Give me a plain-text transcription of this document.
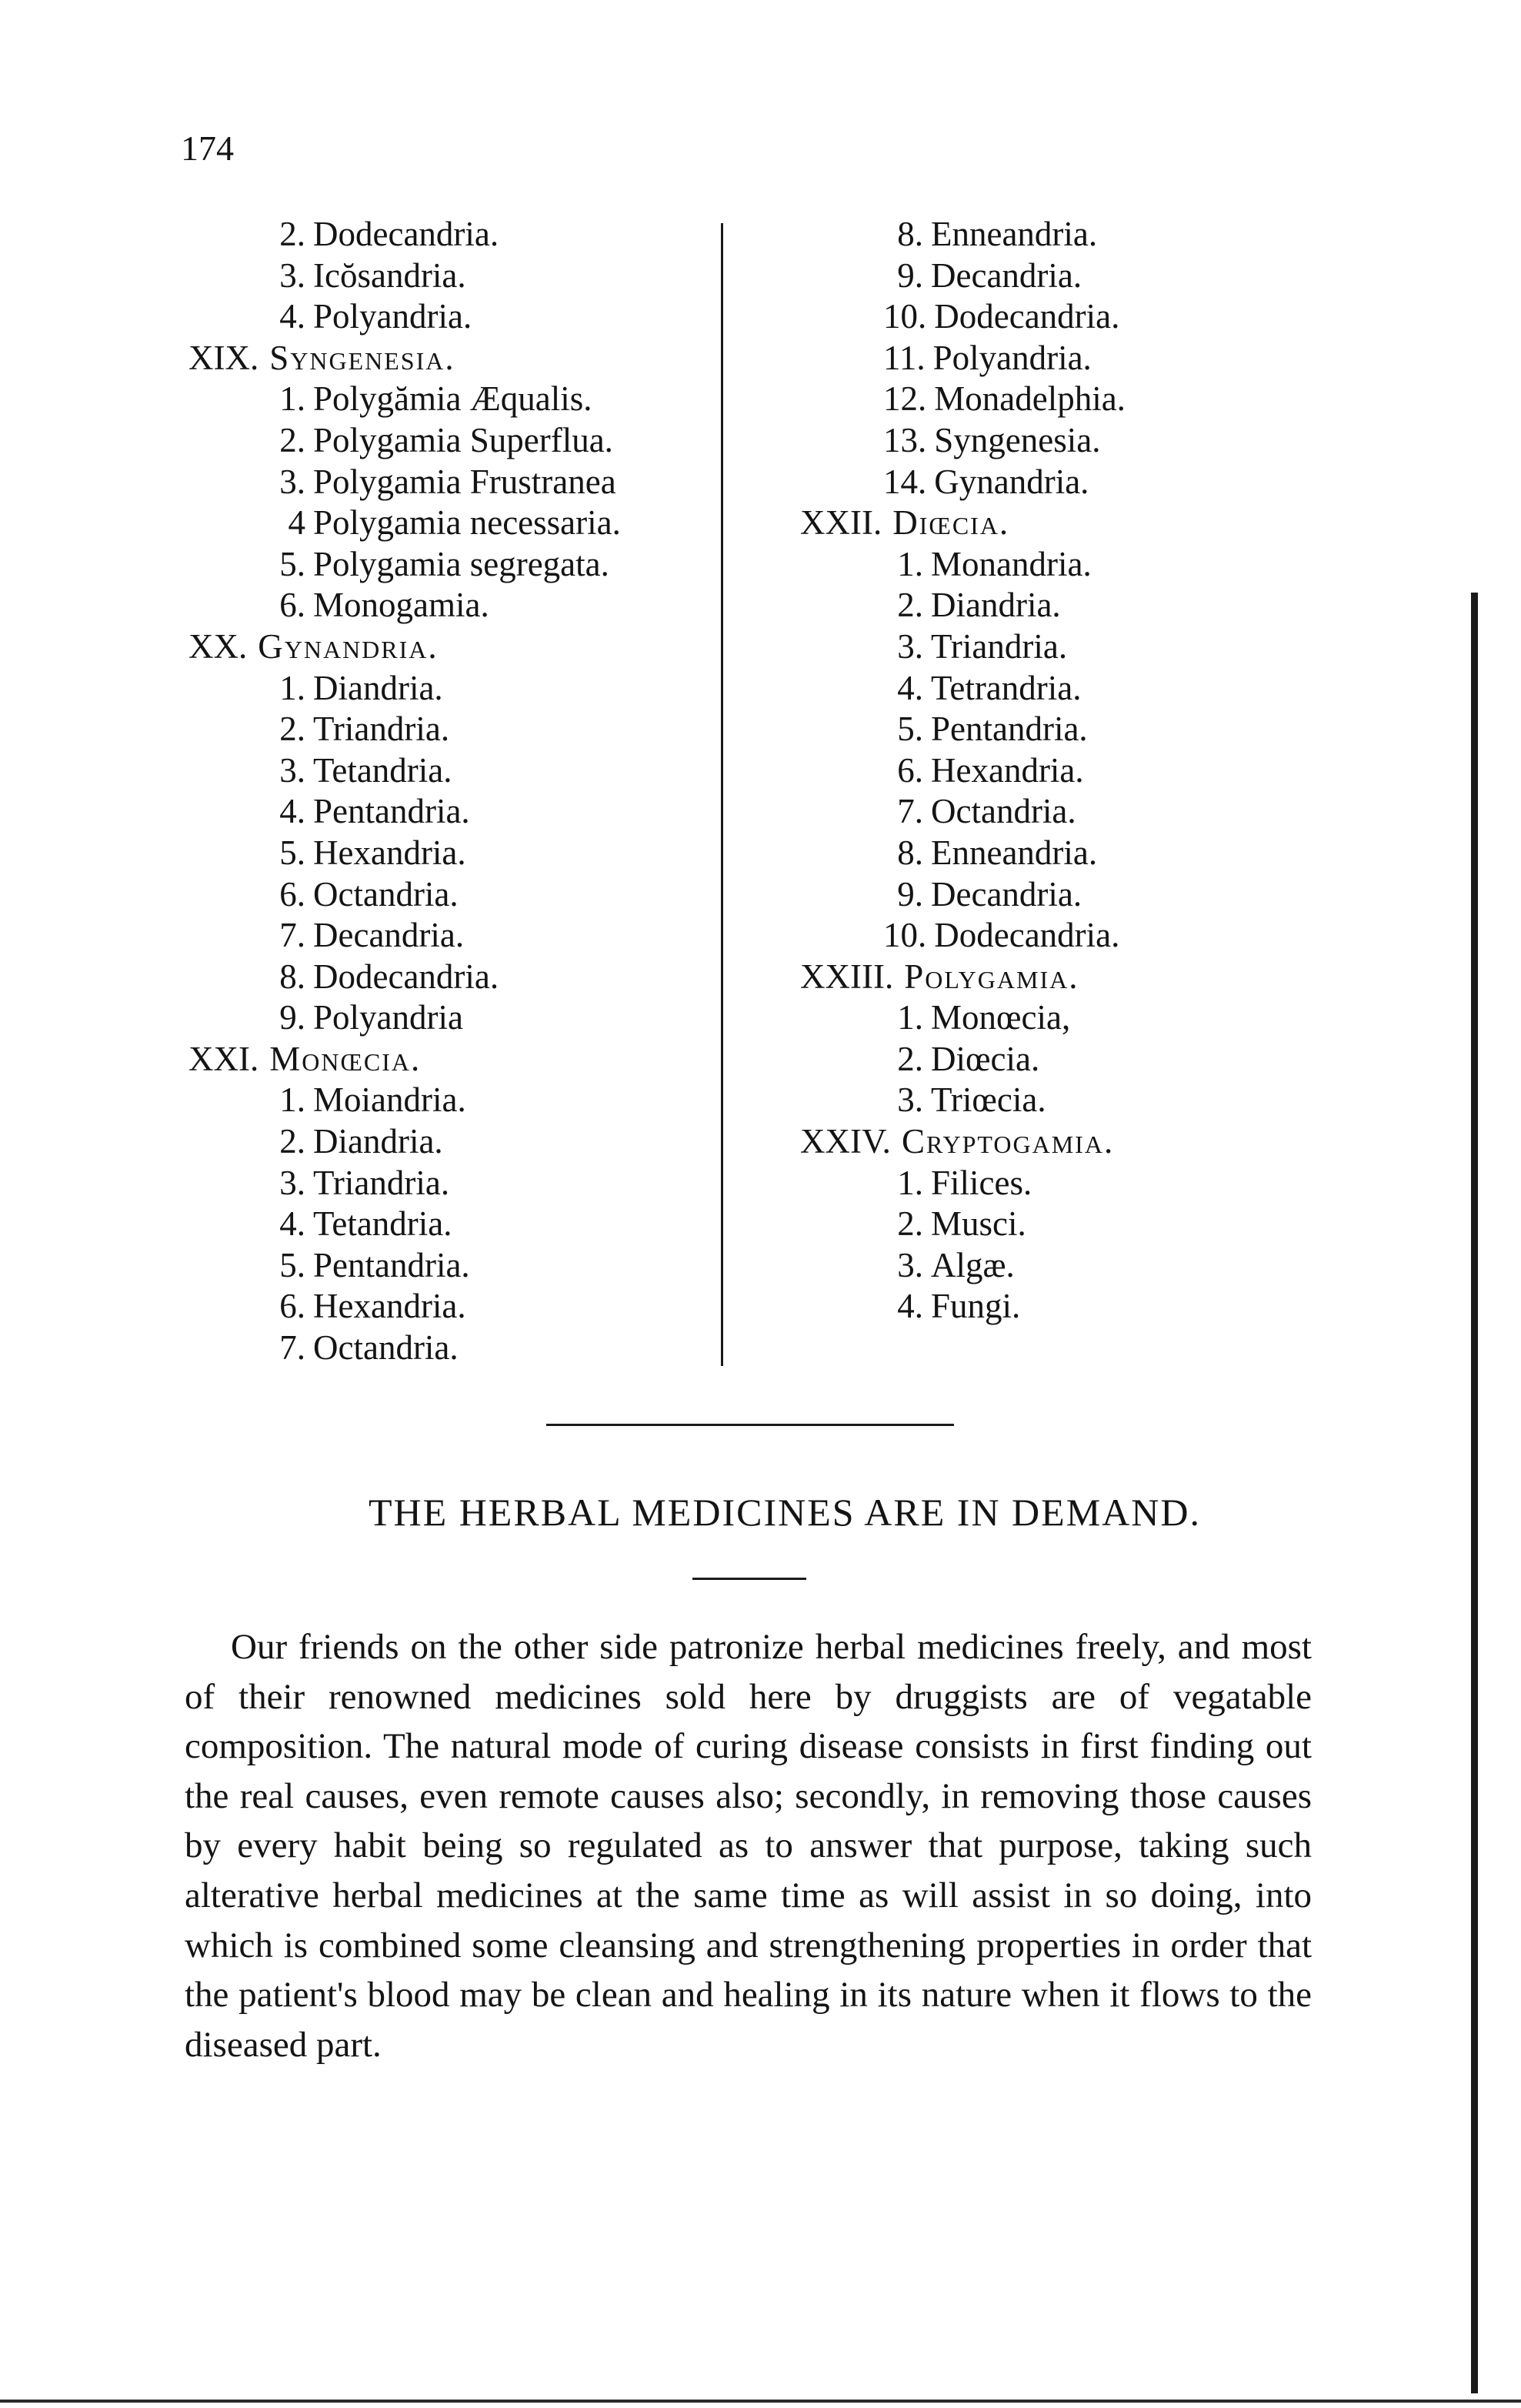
174
2. Dodecandria.
3. Icŏsandria.
4. Polyandria.
XIX. Syngenesia.
1. Polygămia Æqualis.
2. Polygamia Superflua.
3. Polygamia Frustranea
4 Polygamia necessaria.
5. Polygamia segregata.
6. Monogamia.
XX. Gynandria.
1. Diandria.
2. Triandria.
3. Tetandria.
4. Pentandria.
5. Hexandria.
6. Octandria.
7. Decandria.
8. Dodecandria.
9. Polyandria
XXI. Monœcia.
1. Moiandria.
2. Diandria.
3. Triandria.
4. Tetandria.
5. Pentandria.
6. Hexandria.
7. Octandria.
8. Enneandria.
9. Decandria.
10. Dodecandria.
11. Polyandria.
12. Monadelphia.
13. Syngenesia.
14. Gynandria.
XXII. Diœcia.
1. Monandria.
2. Diandria.
3. Triandria.
4. Tetrandria.
5. Pentandria.
6. Hexandria.
7. Octandria.
8. Enneandria.
9. Decandria.
10. Dodecandria.
XXIII. Polygamia.
1. Monœcia,
2. Diœcia.
3. Triœcia.
XXIV. Cryptogamia.
1. Filices.
2. Musci.
3. Algæ.
4. Fungi.
THE HERBAL MEDICINES ARE IN DEMAND.

Our friends on the other side patronize herbal medicines freely, and most of their renowned medicines sold here by druggists are of vegatable composition. The natural mode of curing disease consists in first finding out the real causes, even remote causes also; secondly, in removing those causes by every habit being so regulated as to answer that purpose, taking such alterative herbal medicines at the same time as will assist in so doing, into which is combined some cleansing and strengthening properties in order that the patient's blood may be clean and healing in its nature when it flows to the diseased part.
